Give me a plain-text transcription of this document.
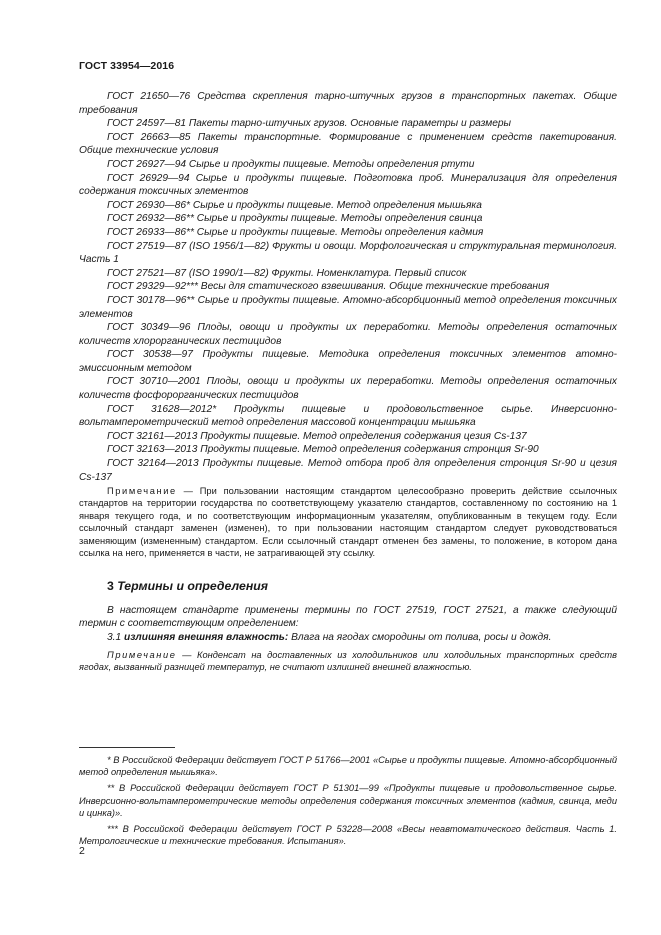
ГОСТ 33954—2016

ГОСТ 21650—76 Средства скрепления тарно-штучных грузов в транспортных пакетах. Общие требования

ГОСТ 24597—81 Пакеты тарно-штучных грузов. Основные параметры и размеры

ГОСТ 26663—85 Пакеты транспортные. Формирование с применением средств пакетирования. Общие технические условия

ГОСТ 26927—94 Сырье и продукты пищевые. Методы определения ртути

ГОСТ 26929—94 Сырье и продукты пищевые. Подготовка проб. Минерализация для определения содержания токсичных элементов

ГОСТ 26930—86* Сырье и продукты пищевые. Метод определения мышьяка

ГОСТ 26932—86** Сырье и продукты пищевые. Методы определения свинца

ГОСТ 26933—86** Сырье и продукты пищевые. Методы определения кадмия

ГОСТ 27519—87 (ISO 1956/1—82) Фрукты и овощи. Морфологическая и структуральная терминология. Часть 1

ГОСТ 27521—87 (ISO 1990/1—82) Фрукты. Номенклатура. Первый список

ГОСТ 29329—92*** Весы для статического взвешивания. Общие технические требования

ГОСТ 30178—96** Сырье и продукты пищевые. Атомно-абсорбционный метод определения токсичных элементов

ГОСТ 30349—96 Плоды, овощи и продукты их переработки. Методы определения остаточных количеств хлорорганических пестицидов

ГОСТ 30538—97 Продукты пищевые. Методика определения токсичных элементов атомно-эмиссионным методом

ГОСТ 30710—2001 Плоды, овощи и продукты их переработки. Методы определения остаточных количеств фосфорорганических пестицидов

ГОСТ 31628—2012* Продукты пищевые и продовольственное сырье. Инверсионно-вольтамперометрический метод определения массовой концентрации мышьяка

ГОСТ 32161—2013 Продукты пищевые. Метод определения содержания цезия Cs-137

ГОСТ 32163—2013 Продукты пищевые. Метод определения содержания стронция Sr-90

ГОСТ 32164—2013 Продукты пищевые. Метод отбора проб для определения стронция Sr-90 и цезия Cs-137

Примечание — При пользовании настоящим стандартом целесообразно проверить действие ссылочных стандартов на территории государства по соответствующему указателю стандартов, составленному по состоянию на 1 января текущего года, и по соответствующим информационным указателям, опубликованным в текущем году. Если ссылочный стандарт заменен (изменен), то при пользовании настоящим стандартом следует руководствоваться заменяющим (измененным) стандартом. Если ссылочный стандарт отменен без замены, то положение, в котором дана ссылка на него, применяется в части, не затрагивающей эту ссылку.
3 Термины и определения

В настоящем стандарте применены термины по ГОСТ 27519, ГОСТ 27521, а также следующий термин с соответствующим определением:

3.1 излишняя внешняя влажность: Влага на ягодах смородины от полива, росы и дождя.

Примечание — Конденсат на доставленных из холодильников или холодильных транспортных средств ягодах, вызванный разницей температур, не считают излишней внешней влажностью.

* В Российской Федерации действует ГОСТ Р 51766—2001 «Сырье и продукты пищевые. Атомно-абсорбционный метод определения мышьяка».

** В Российской Федерации действует ГОСТ Р 51301—99 «Продукты пищевые и продовольственное сырье. Инверсионно-вольтамперометрические методы определения содержания токсичных элементов (кадмия, свинца, меди и цинка)».

*** В Российской Федерации действует ГОСТ Р 53228—2008 «Весы неавтоматического действия. Часть 1. Метрологические и технические требования. Испытания».

2
